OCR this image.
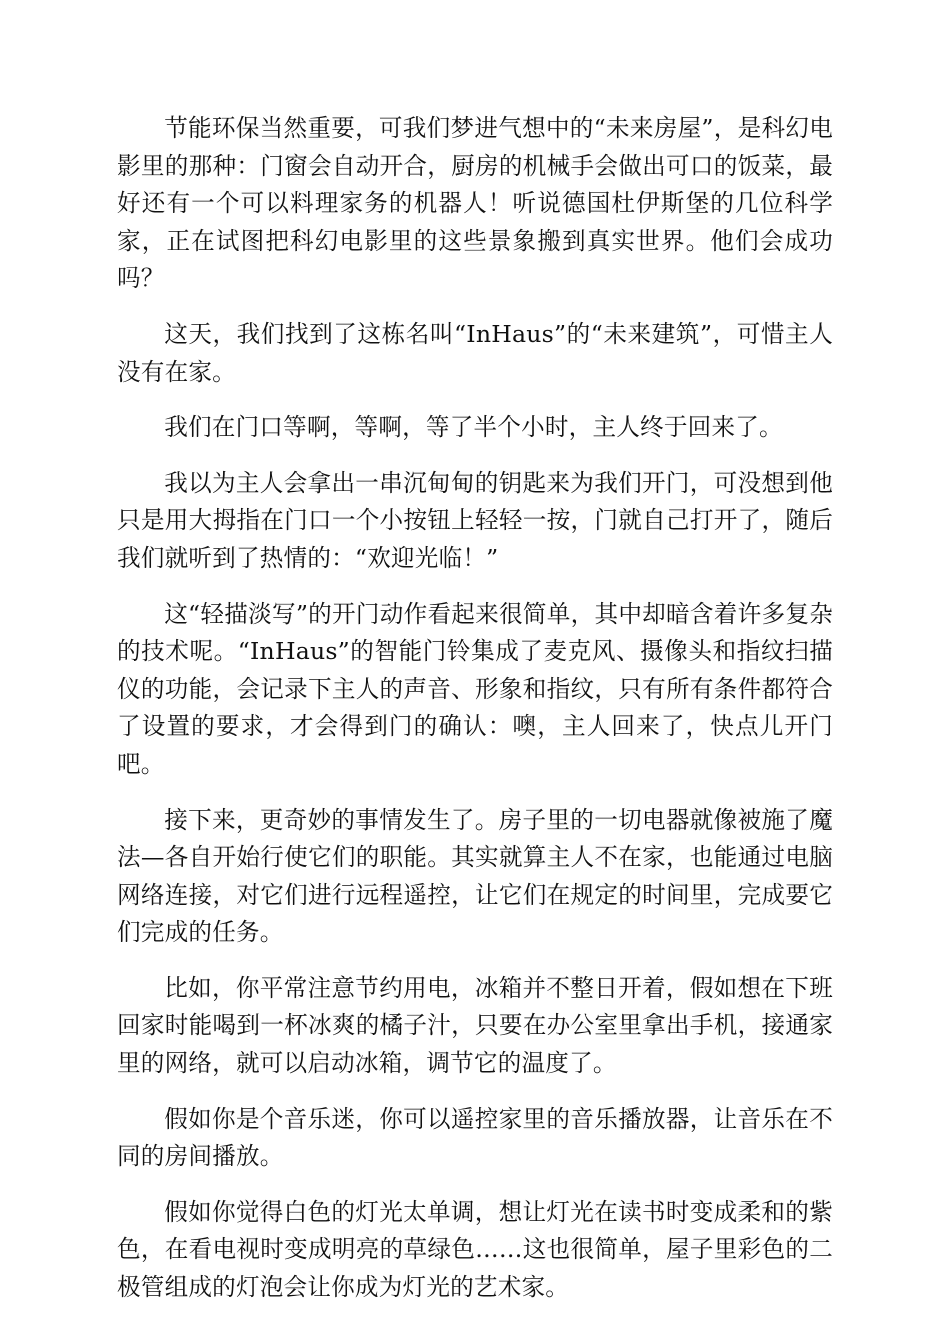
节能环保当然重要，可我们梦进气想中的“未来房屋”，是科幻电影里的那种：门窗会自动开合，厨房的机械手会做出可口的饭菜，最好还有一个可以料理家务的机器人！听说德国杜伊斯堡的几位科学家，正在试图把科幻电影里的这些景象搬到真实世界。他们会成功吗？

这天，我们找到了这栋名叫“InHaus”的“未来建筑”，可惜主人没有在家。

我们在门口等啊，等啊，等了半个小时，主人终于回来了。

我以为主人会拿出一串沉甸甸的钥匙来为我们开门，可没想到他只是用大拇指在门口一个小按钮上轻轻一按，门就自己打开了，随后我们就听到了热情的：“欢迎光临！”

这“轻描淡写”的开门动作看起来很简单，其中却暗含着许多复杂的技术呢。“InHaus”的智能门铃集成了麦克风、摄像头和指纹扫描仪的功能，会记录下主人的声音、形象和指纹，只有所有条件都符合了设置的要求，才会得到门的确认：噢，主人回来了，快点儿开门吧。

接下来，更奇妙的事情发生了。房子里的一切电器就像被施了魔法—各自开始行使它们的职能。其实就算主人不在家，也能通过电脑网络连接，对它们进行远程遥控，让它们在规定的时间里，完成要它们完成的任务。

比如，你平常注意节约用电，冰箱并不整日开着，假如想在下班回家时能喝到一杯冰爽的橘子汁，只要在办公室里拿出手机，接通家里的网络，就可以启动冰箱，调节它的温度了。

假如你是个音乐迷，你可以遥控家里的音乐播放器，让音乐在不同的房间播放。

假如你觉得白色的灯光太单调，想让灯光在读书时变成柔和的紫色，在看电视时变成明亮的草绿色……这也很简单，屋子里彩色的二极管组成的灯泡会让你成为灯光的艺术家。
